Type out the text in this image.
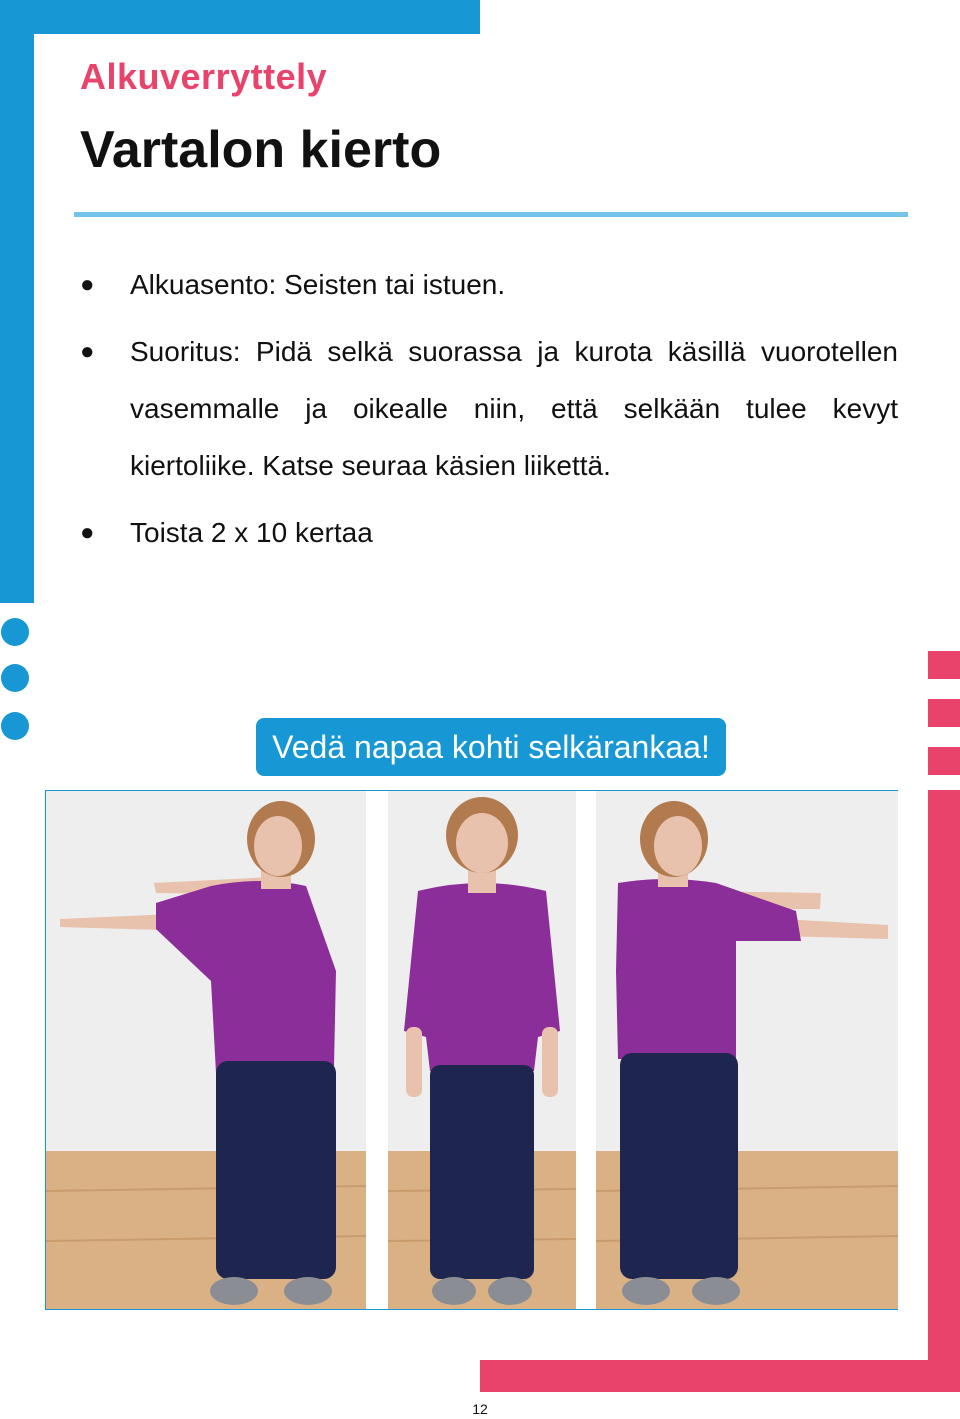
Alkuverryttely
Vartalon kierto
●	Alkuasento: Seisten tai istuen.
●	Suoritus: Pidä selkä suorassa ja kurota käsillä vuorotellen vasemmalle ja oikealle niin, että selkään tulee kevyt kiertoliike. Katse seuraa käsien liikettä.
●	Toista 2 x 10 kertaa
Vedä napaa kohti selkärankaa!
12
